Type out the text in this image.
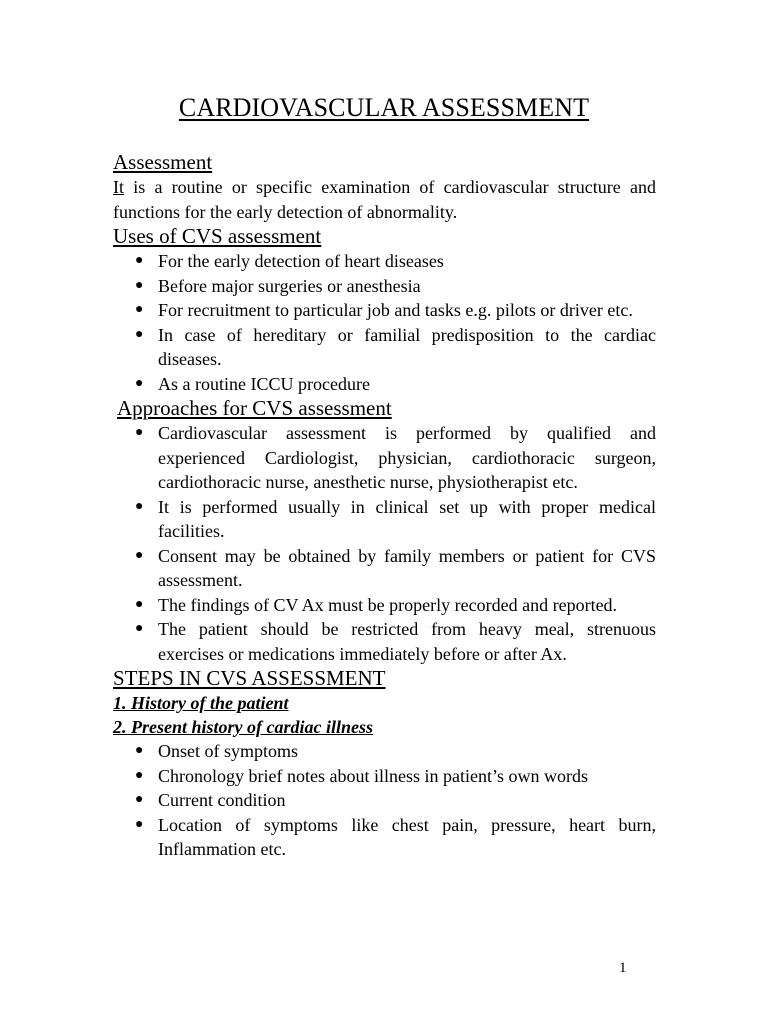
CARDIOVASCULAR ASSESSMENT
Assessment

It is a routine or specific examination of cardiovascular structure and functions for the early detection of abnormality.

Uses of CVS assessment
● For the early detection of heart diseases
● Before major surgeries or anesthesia
● For recruitment to particular job and tasks e.g. pilots or driver etc.
● In case of hereditary or familial predisposition to the cardiac diseases.
● As a routine ICCU procedure
Approaches for CVS assessment
● Cardiovascular assessment is performed by qualified and experienced Cardiologist, physician, cardiothoracic surgeon, cardiothoracic nurse, anesthetic nurse, physiotherapist etc.
● It is performed usually in clinical set up with proper medical facilities.
● Consent may be obtained by family members or patient for CVS assessment.
● The findings of CV Ax must be properly recorded and reported.
● The patient should be restricted from heavy meal, strenuous exercises or medications immediately before or after Ax.
STEPS IN CVS ASSESSMENT
1. History of the patient
2. Present history of cardiac illness
● Onset of symptoms
● Chronology brief notes about illness in patient’s own words
● Current condition
● Location of symptoms like chest pain, pressure, heart burn, Inflammation etc.
1
